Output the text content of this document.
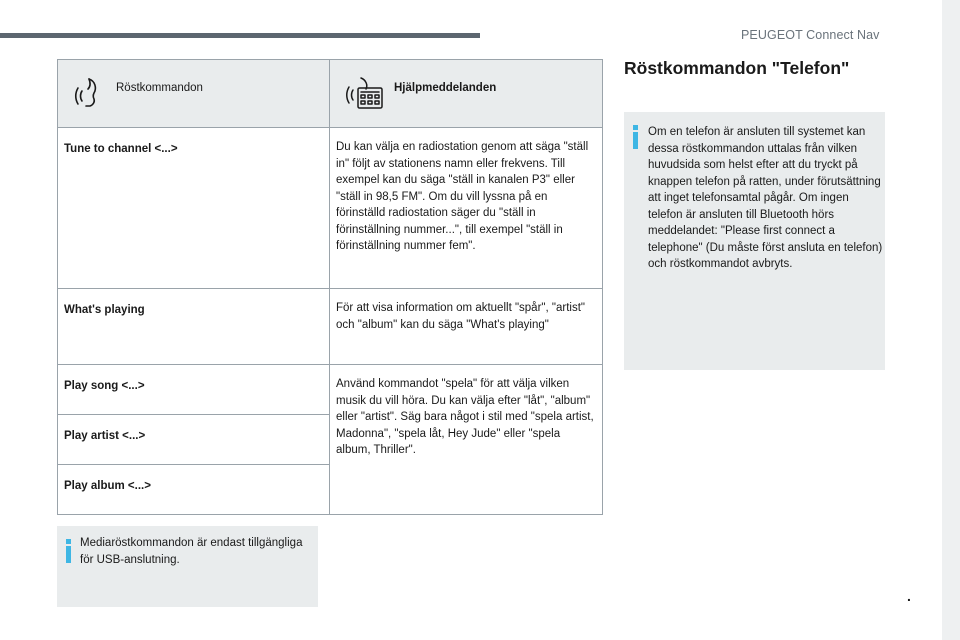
PEUGEOT Connect Nav
Röstkommandon	Hjälpmeddelanden

Tune to channel <...>	Du kan välja en radiostation genom att säga "ställ in" följt av stationens namn eller frekvens. Till exempel kan du säga "ställ in kanalen P3" eller "ställ in 98,5 FM". Om du vill lyssna på en förinställd radiostation säger du "ställ in förinställning nummer...", till exempel "ställ in förinställning nummer fem".
What's playing	För att visa information om aktuellt "spår", "artist" och "album" kan du säga "What's playing"
Play song <...>	Använd kommandot "spela" för att välja vilken musik du vill höra. Du kan välja efter "låt", "album" eller "artist". Säg bara något i stil med "spela artist, Madonna", "spela låt, Hey Jude" eller "spela album, Thriller".
Play artist <...>	
Play album <...>	

Mediaröstkommandon är endast tillgängliga för USB-anslutning.

Röstkommandon "Telefon"

Om en telefon är ansluten till systemet kan dessa röstkommandon uttalas från vilken huvudsida som helst efter att du tryckt på knappen telefon på ratten, under förutsättning att inget telefonsamtal pågår. Om ingen telefon är ansluten till Bluetooth hörs meddelandet: "Please first connect a telephone" (Du måste först ansluta en telefon) och röstkommandot avbryts.

.
